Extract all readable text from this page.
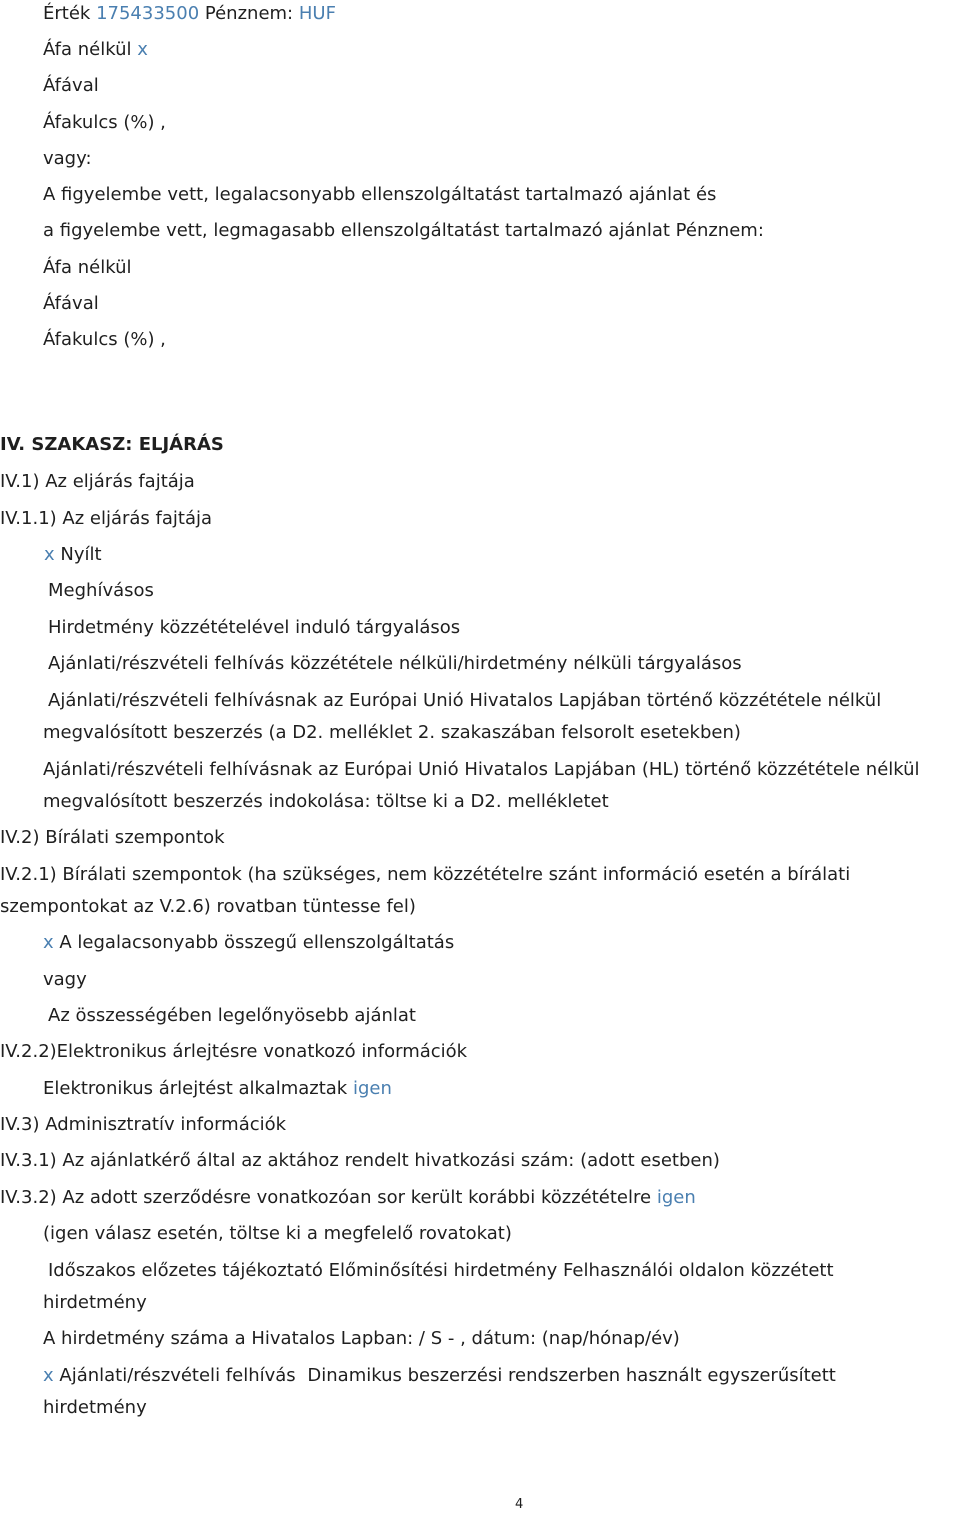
Érték 175433500 Pénznem: HUF
Áfa nélkül x
Áfával
Áfakulcs (%) ,
vagy:
A figyelembe vett, legalacsonyabb ellenszolgáltatást tartalmazó ajánlat és
a figyelembe vett, legmagasabb ellenszolgáltatást tartalmazó ajánlat Pénznem:
Áfa nélkül
Áfával
Áfakulcs (%) ,
IV. SZAKASZ: ELJÁRÁS
IV.1) Az eljárás fajtája
IV.1.1) Az eljárás fajtája
x Nyílt
Meghívásos
Hirdetmény közzétételével induló tárgyalásos
Ajánlati/részvételi felhívás közzététele nélküli/hirdetmény nélküli tárgyalásos
Ajánlati/részvételi felhívásnak az Európai Unió Hivatalos Lapjában történő közzététele nélkül
megvalósított beszerzés (a D2. melléklet 2. szakaszában felsorolt esetekben)
Ajánlati/részvételi felhívásnak az Európai Unió Hivatalos Lapjában (HL) történő közzététele nélkül
megvalósított beszerzés indokolása: töltse ki a D2. mellékletet
IV.2) Bírálati szempontok
IV.2.1) Bírálati szempontok (ha szükséges, nem közzétételre szánt információ esetén a bírálati
szempontokat az V.2.6) rovatban tüntesse fel)
x A legalacsonyabb összegű ellenszolgáltatás
vagy
Az összességében legelőnyösebb ajánlat
IV.2.2)Elektronikus árlejtésre vonatkozó információk
Elektronikus árlejtést alkalmaztak igen
IV.3) Adminisztratív információk
IV.3.1) Az ajánlatkérő által az aktához rendelt hivatkozási szám: (adott esetben)
IV.3.2) Az adott szerződésre vonatkozóan sor került korábbi közzétételre igen
(igen válasz esetén, töltse ki a megfelelő rovatokat)
Időszakos előzetes tájékoztató Előminősítési hirdetmény Felhasználói oldalon közzétett
hirdetmény
A hirdetmény száma a Hivatalos Lapban: / S - , dátum: (nap/hónap/év)
x Ajánlati/részvételi felhívás Dinamikus beszerzési rendszerben használt egyszerűsített
hirdetmény
4
